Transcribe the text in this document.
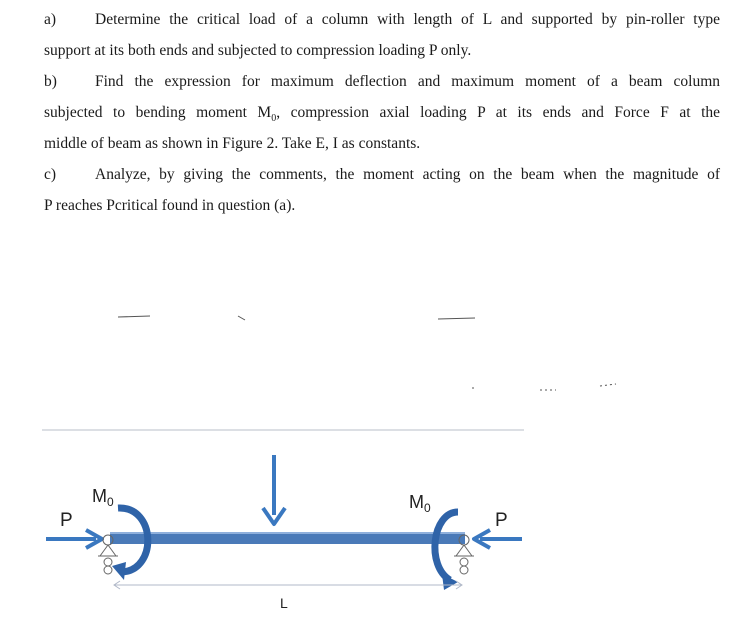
a)	Determine the critical load of a column with length of L and supported by pin-roller type
support at its both ends and subjected to compression loading P only.
b) Find the expression for maximum deflection and maximum moment of a beam column
subjected to bending moment $M_0$, compression axial loading P at its ends and Force F at the
middle of beam as shown in Figure 2. Take E, I as constants.
c)	Analyze, by giving the comments, the moment acting on the beam when the magnitude of
P reaches Pcritical found in question (a).
P	P
$M_0$	$M_0$
L
